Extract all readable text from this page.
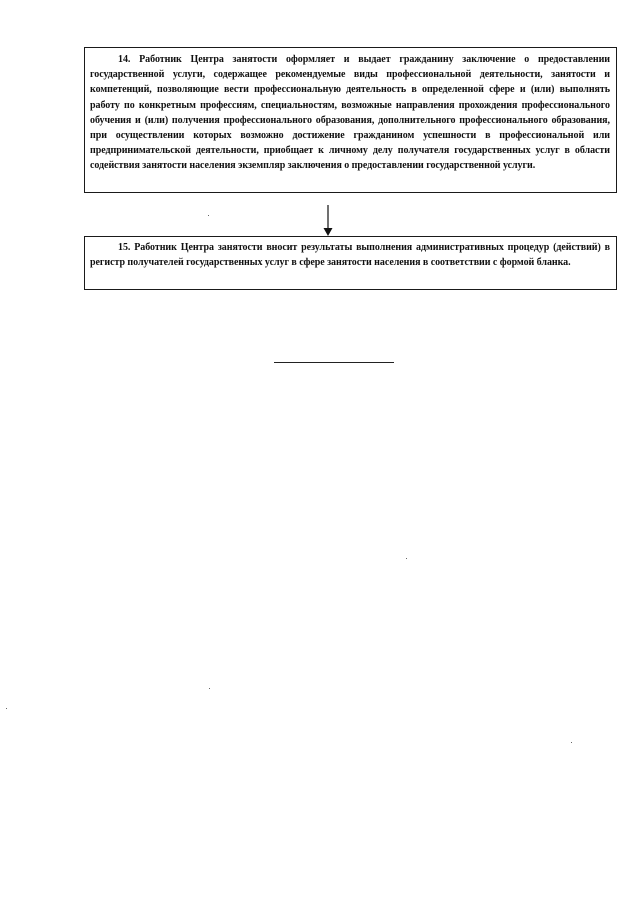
14. Работник Центра занятости оформляет и выдает гражданину заключение о предоставлении государственной услуги, содержащее рекомендуемые виды профессиональной деятельности, занятости и компетенций, позволяющие вести профессиональную деятельность в определенной сфере и (или) выполнять работу по конкретным профессиям, специальностям, возможные направления прохождения профессионального обучения и (или) получения профессионального образования, дополнительного профессионального образования, при осуществлении которых возможно достижение гражданином успешности в профессиональной или предпринимательской деятельности, приобщает к личному делу получателя государственных услуг в области содействия занятости населения экземпляр заключения о предоставлении государственной услуги.

15. Работник Центра занятости вносит результаты выполнения административных процедур (действий) в регистр получателей государственных услуг в сфере занятости населения в соответствии с формой бланка.
